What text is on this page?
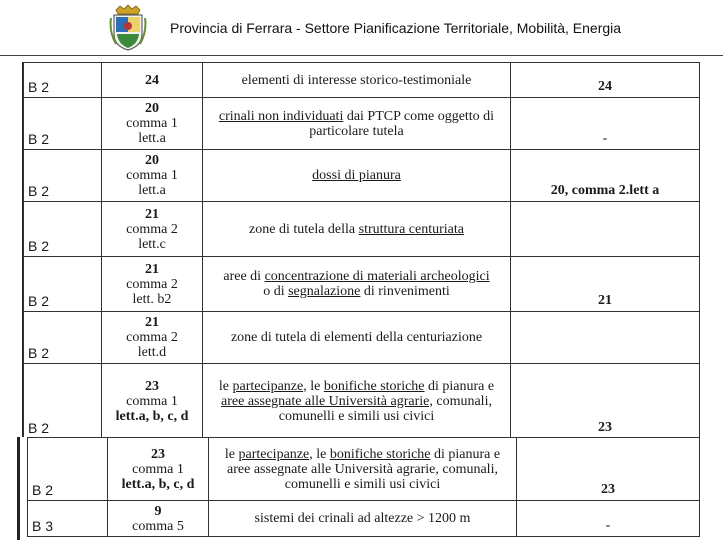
Provincia di Ferrara - Settore Pianificazione Territoriale, Mobilità, Energia
B 2	24	elementi di interesse storico-testimoniale	24
B 2	20
comma 1
lett.a	crinali non individuati dai PTCP come oggetto di particolare tutela	-
B 2	20
comma 1
lett.a	dossi di pianura	20, comma 2.lett a
B 2	21
comma 2
lett.c	zone di tutela della struttura centuriata	
B 2	21
comma 2
lett. b2	aree di concentrazione di materiali archeologici
o di segnalazione di rinvenimenti	21
B 2	21
comma 2
lett.d	zone di tutela di elementi della centuriazione	
B 2	23
comma 1
lett.a, b, c, d	le partecipanze, le bonifiche storiche di pianura e aree assegnate alle Università agrarie, comunali, comunelli e simili usi civici	23
B 2	23
comma 1
lett.a, b, c, d	le partecipanze, le bonifiche storiche di pianura e aree assegnate alle Università agrarie, comunali, comunelli e simili usi civici	23
B 3	9
comma 5	sistemi dei crinali ad altezze > 1200 m	-
